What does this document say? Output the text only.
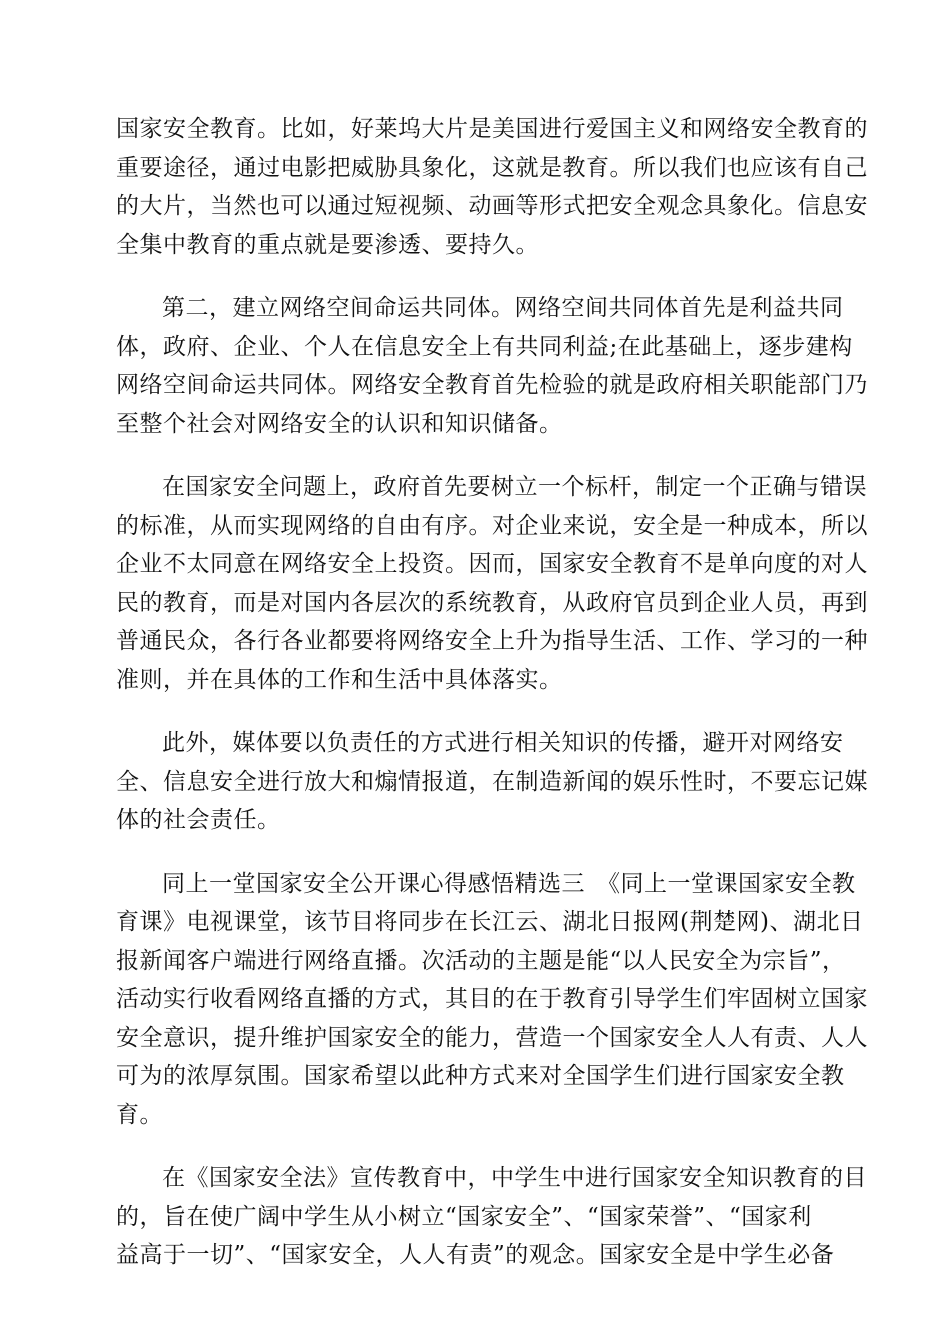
国家安全教育。比如，好莱坞大片是美国进行爱国主义和网络安全教育的
重要途径，通过电影把威胁具象化，这就是教育。所以我们也应该有自己
的大片，当然也可以通过短视频、动画等形式把安全观念具象化。信息安
全集中教育的重点就是要渗透、要持久。

第二，建立网络空间命运共同体。网络空间共同体首先是利益共同
体，政府、企业、个人在信息安全上有共同利益;在此基础上，逐步建构
网络空间命运共同体。网络安全教育首先检验的就是政府相关职能部门乃
至整个社会对网络安全的认识和知识储备。

在国家安全问题上，政府首先要树立一个标杆，制定一个正确与错误
的标准，从而实现网络的自由有序。对企业来说，安全是一种成本，所以
企业不太同意在网络安全上投资。因而，国家安全教育不是单向度的对人
民的教育，而是对国内各层次的系统教育，从政府官员到企业人员，再到
普通民众，各行各业都要将网络安全上升为指导生活、工作、学习的一种
准则，并在具体的工作和生活中具体落实。

此外，媒体要以负责任的方式进行相关知识的传播，避开对网络安
全、信息安全进行放大和煽情报道，在制造新闻的娱乐性时，不要忘记媒
体的社会责任。

同上一堂国家安全公开课心得感悟精选三　《同上一堂课国家安全教
育课》电视课堂，该节目将同步在长江云、湖北日报网(荆楚网)、湖北日
报新闻客户端进行网络直播。次活动的主题是能“以人民安全为宗旨”，
活动实行收看网络直播的方式，其目的在于教育引导学生们牢固树立国家
安全意识，提升维护国家安全的能力，营造一个国家安全人人有责、人人
可为的浓厚氛围。国家希望以此种方式来对全国学生们进行国家安全教
育。

在《国家安全法》宣传教育中，中学生中进行国家安全知识教育的目
的，旨在使广阔中学生从小树立“国家安全”、“国家荣誉”、“国家利
益高于一切”、“国家安全，人人有责”的观念。国家安全是中学生必备
